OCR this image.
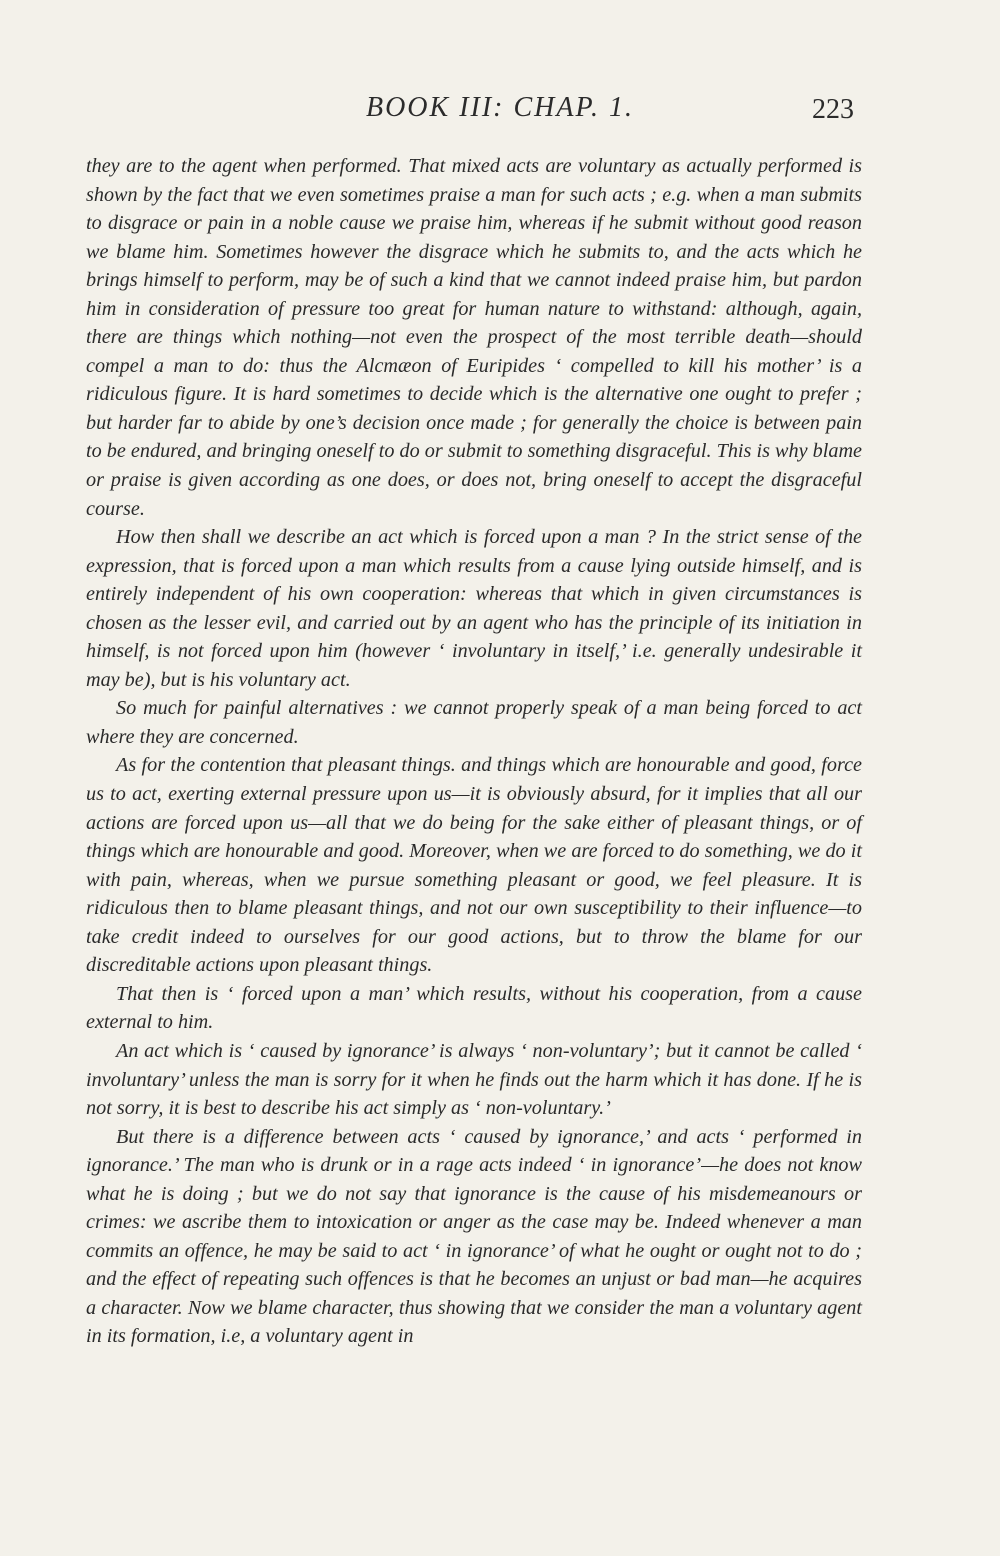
BOOK III: CHAP. 1.	223

they are to the agent when performed. That mixed acts are voluntary as actually performed is shown by the fact that we even sometimes praise a man for such acts ; e.g. when a man submits to disgrace or pain in a noble cause we praise him, whereas if he submit without good reason we blame him. Sometimes however the disgrace which he submits to, and the acts which he brings himself to perform, may be of such a kind that we cannot indeed praise him, but pardon him in consideration of pressure too great for human nature to withstand: although, again, there are things which nothing—not even the prospect of the most terrible death—should compel a man to do: thus the Alcmæon of Euripides ‘ compelled to kill his mother’ is a ridiculous figure. It is hard sometimes to decide which is the alternative one ought to prefer ; but harder far to abide by one’s decision once made ; for generally the choice is between pain to be endured, and bringing oneself to do or submit to something disgraceful. This is why blame or praise is given according as one does, or does not, bring oneself to accept the disgraceful course.

How then shall we describe an act which is forced upon a man ? In the strict sense of the expression, that is forced upon a man which results from a cause lying outside himself, and is entirely independent of his own cooperation: whereas that which in given circumstances is chosen as the lesser evil, and carried out by an agent who has the principle of its initiation in himself, is not forced upon him (however ‘ involuntary in itself,’ i.e. generally undesirable it may be), but is his voluntary act.

So much for painful alternatives : we cannot properly speak of a man being forced to act where they are concerned.

As for the contention that pleasant things. and things which are honourable and good, force us to act, exerting external pressure upon us—it is obviously absurd, for it implies that all our actions are forced upon us—all that we do being for the sake either of pleasant things, or of things which are honourable and good. Moreover, when we are forced to do something, we do it with pain, whereas, when we pursue something pleasant or good, we feel pleasure. It is ridiculous then to blame pleasant things, and not our own susceptibility to their influence—to take credit indeed to ourselves for our good actions, but to throw the blame for our discreditable actions upon pleasant things.

That then is ‘ forced upon a man’ which results, without his cooperation, from a cause external to him.

An act which is ‘ caused by ignorance’ is always ‘ non-voluntary’; but it cannot be called ‘ involuntary’ unless the man is sorry for it when he finds out the harm which it has done. If he is not sorry, it is best to describe his act simply as ‘ non-voluntary.’

But there is a difference between acts ‘ caused by ignorance,’ and acts ‘ performed in ignorance.’ The man who is drunk or in a rage acts indeed ‘ in ignorance’—he does not know what he is doing ; but we do not say that ignorance is the cause of his misdemeanours or crimes: we ascribe them to intoxication or anger as the case may be. Indeed whenever a man commits an offence, he may be said to act ‘ in ignorance’ of what he ought or ought not to do ; and the effect of repeating such offences is that he becomes an unjust or bad man—he acquires a character. Now we blame character, thus showing that we consider the man a voluntary agent in its formation, i.e, a voluntary agent in
